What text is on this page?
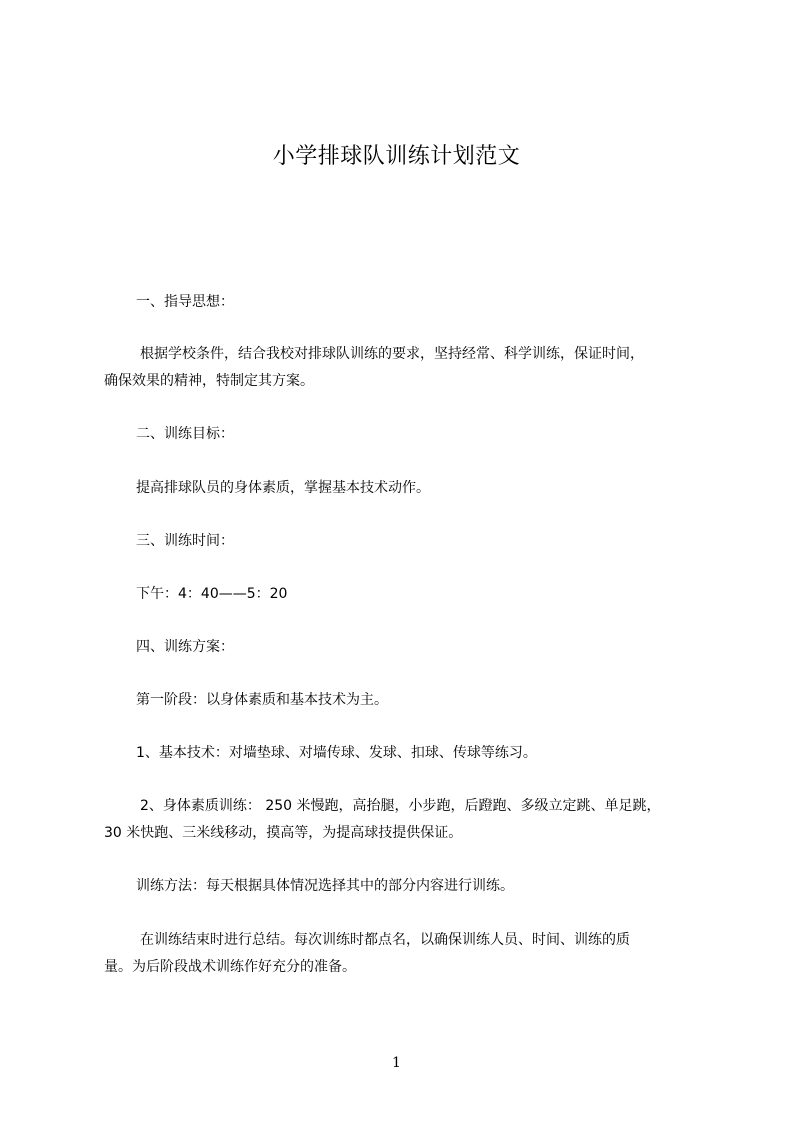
小学排球队训练计划范文
一、指导思想：
根据学校条件，结合我校对排球队训练的要求，坚持经常、科学训练，保证时间，
确保效果的精神，特制定其方案。
二、训练目标：
提高排球队员的身体素质，掌握基本技术动作。
三、训练时间：
下午：4：40——5：20
四、训练方案：
第一阶段：以身体素质和基本技术为主。
1、基本技术：对墙垫球、对墙传球、发球、扣球、传球等练习。
2、身体素质训练： 250 米慢跑，高抬腿，小步跑，后蹬跑、多级立定跳、单足跳，
30 米快跑、三米线移动，摸高等，为提高球技提供保证。
训练方法：每天根据具体情况选择其中的部分内容进行训练。
在训练结束时进行总结。每次训练时都点名，以确保训练人员、时间、训练的质
量。为后阶段战术训练作好充分的准备。
1
